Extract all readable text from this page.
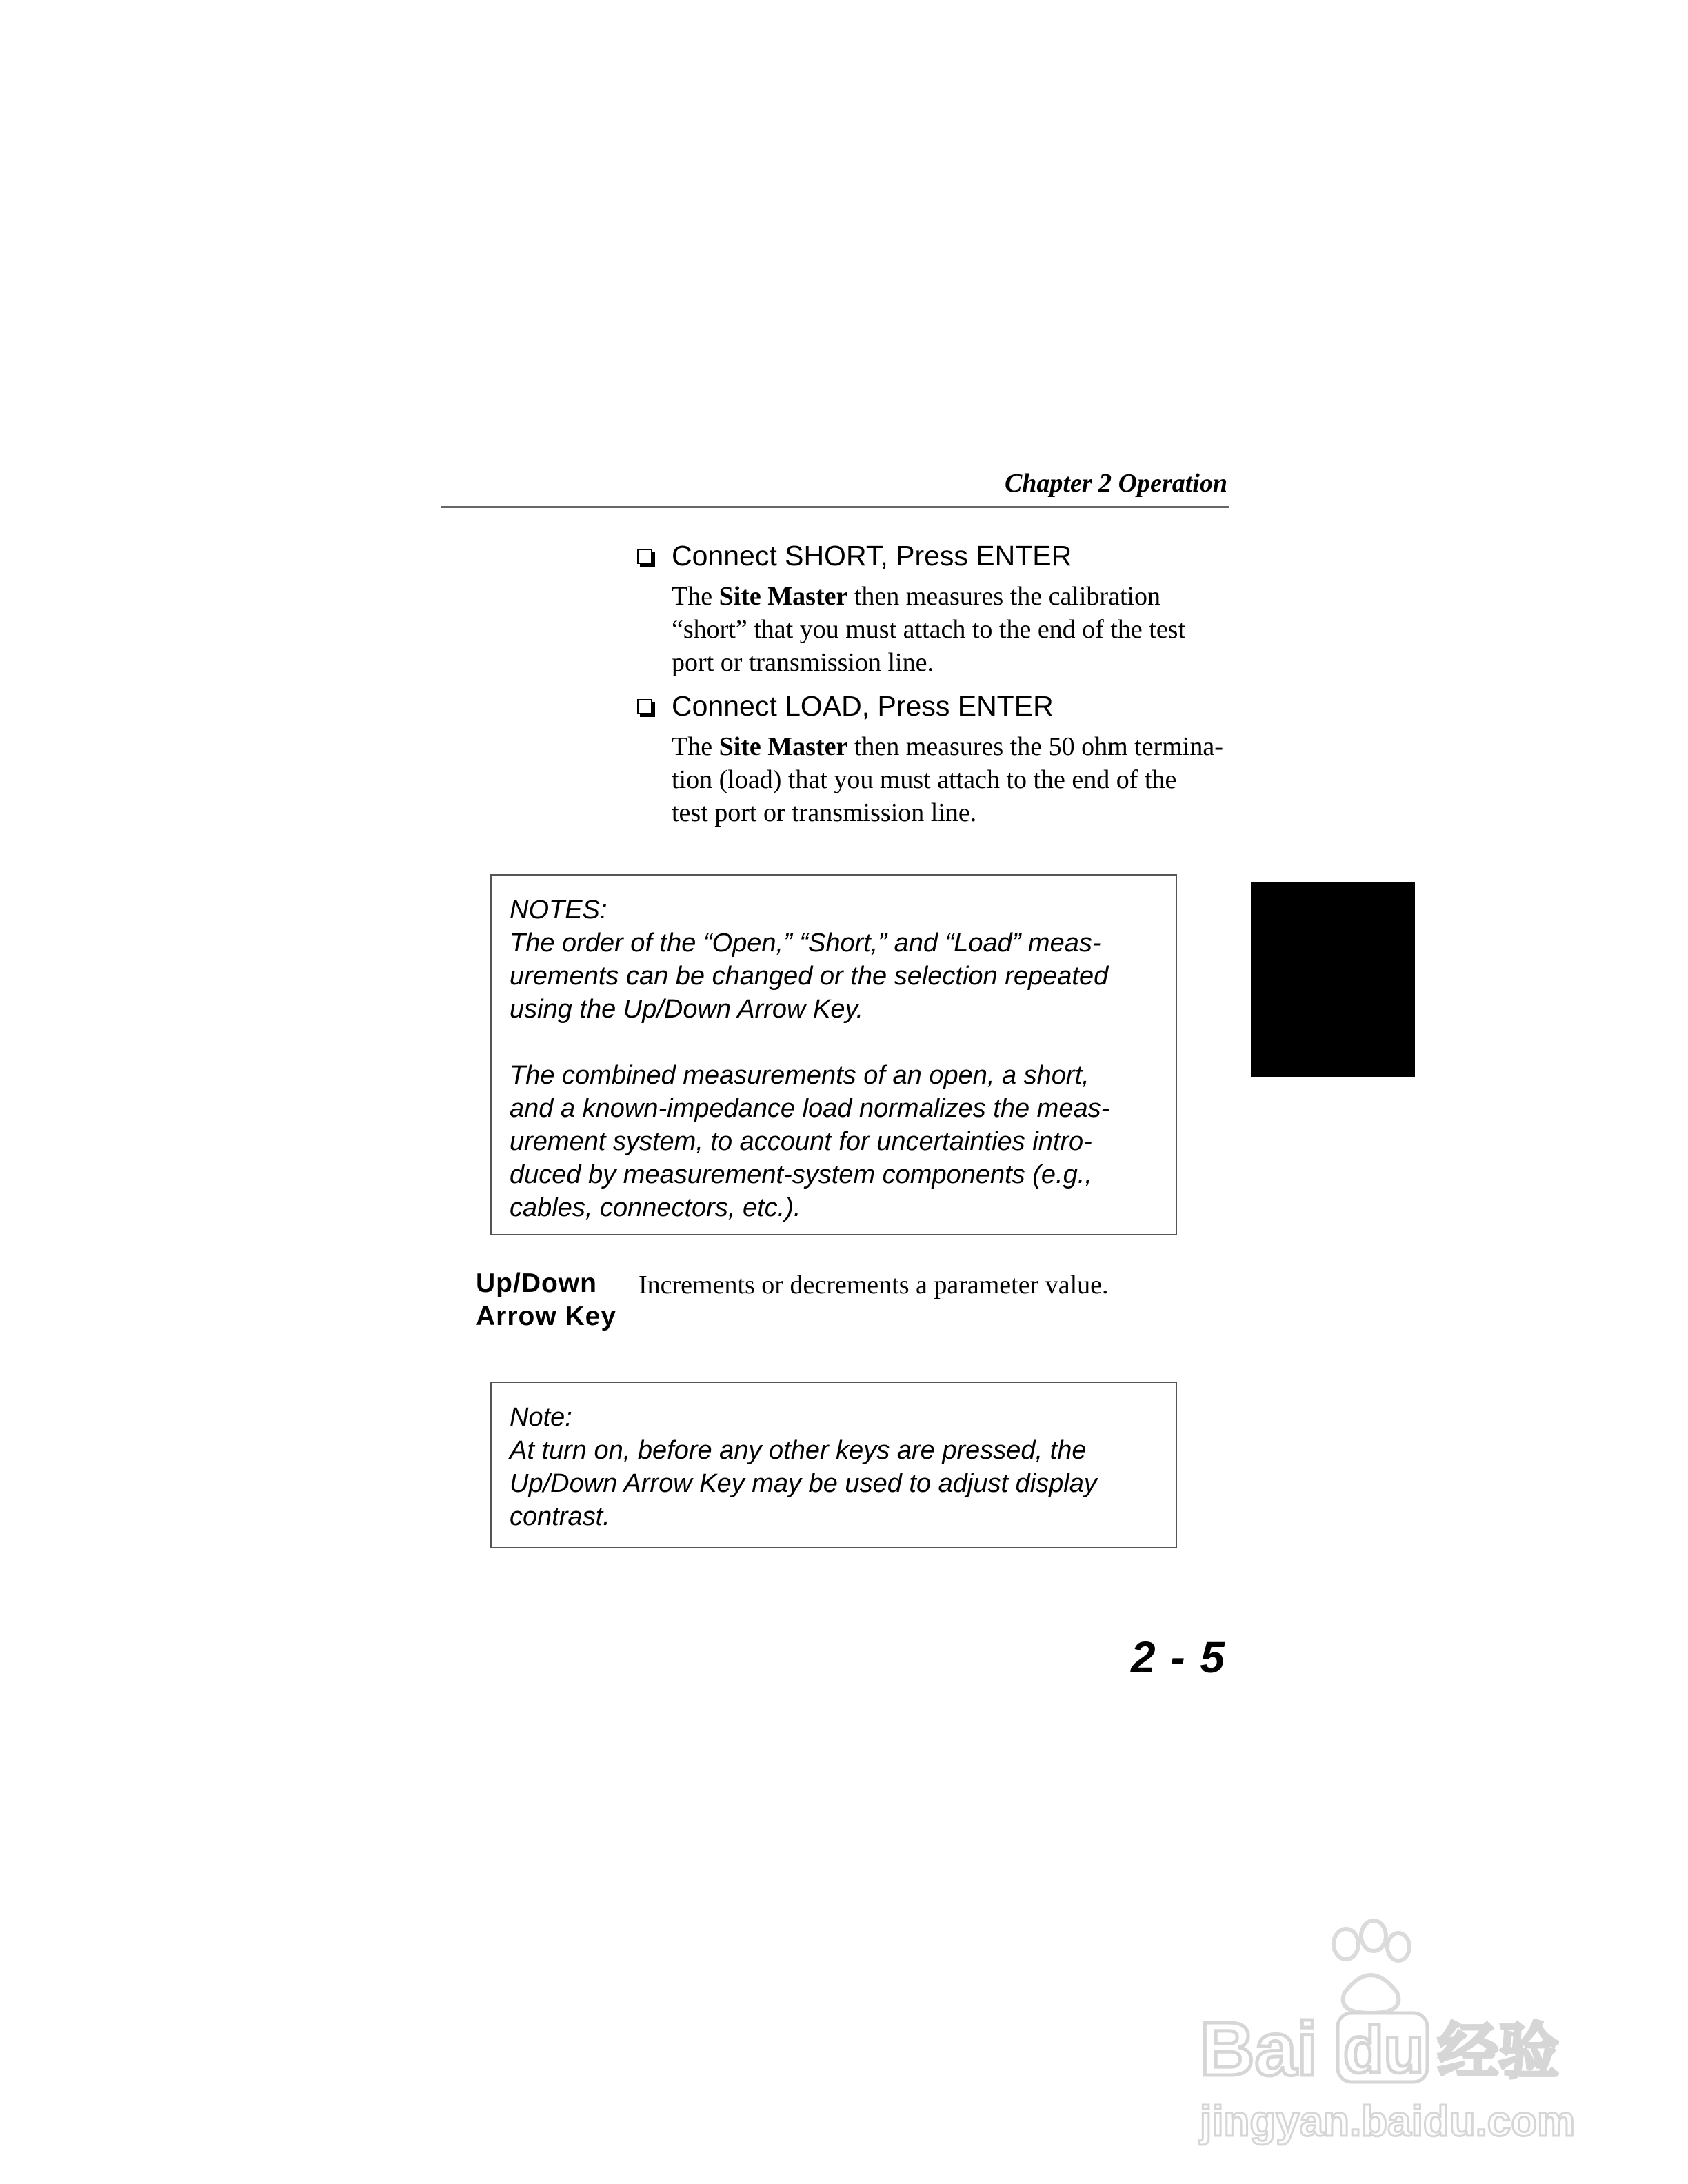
Chapter 2 Operation
Connect SHORT, Press ENTER
The Site Master then measures the calibration
“short” that you must attach to the end of the test
port or transmission line.
Connect LOAD, Press ENTER
The Site Master then measures the 50 ohm termina-
tion (load) that you must attach to the end of the
test port or transmission line.
NOTES:
The order of the “Open,” “Short,” and “Load” meas-
urements can be changed or the selection repeated
using the Up/Down Arrow Key.
The combined measurements of an open, a short,
and a known-impedance load normalizes the meas-
urement system, to account for uncertainties intro-
duced by measurement-system components (e.g.,
cables, connectors, etc.).
Up/Down
Arrow Key
Increments or decrements a parameter value.
Note:
At turn on, before any other keys are pressed, the
Up/Down Arrow Key may be used to adjust display
contrast.
2 - 5
Bai du 经验
jingyan.baidu.com
